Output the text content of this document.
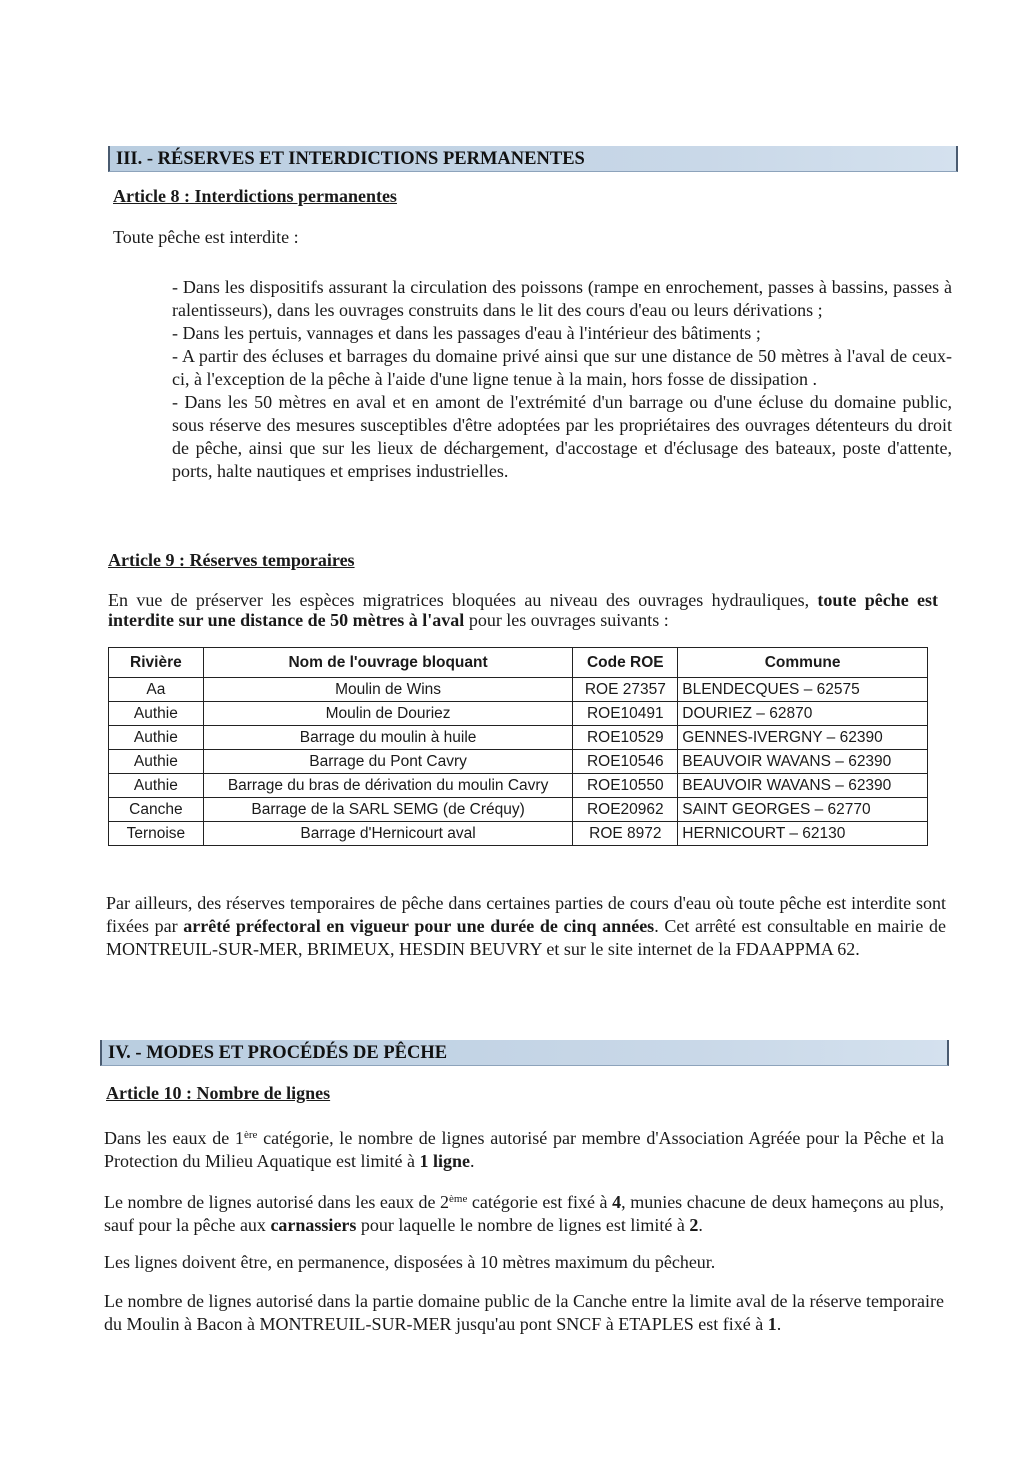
III. - RÉSERVES ET INTERDICTIONS PERMANENTES
Article 8 : Interdictions permanentes
Toute pêche est interdite :

- Dans les dispositifs assurant la circulation des poissons (rampe en enrochement, passes à bassins, passes à ralentisseurs), dans les ouvrages construits dans le lit des cours d'eau ou leurs dérivations ;

- Dans les pertuis, vannages et dans les passages d'eau à l'intérieur des bâtiments ;

- A partir des écluses et barrages du domaine privé ainsi que sur une distance de 50 mètres à l'aval de ceux-ci, à l'exception de la pêche à l'aide d'une ligne tenue à la main, hors fosse de dissipation .

- Dans les 50 mètres en aval et en amont de l'extrémité d'un barrage ou d'une écluse du domaine public, sous réserve des mesures susceptibles d'être adoptées par les propriétaires des ouvrages détenteurs du droit de pêche, ainsi que sur les lieux de déchargement, d'accostage et d'éclusage des bateaux, poste d'attente, ports, halte nautiques et emprises industrielles.

Article 9 : Réserves temporaires
En vue de préserver les espèces migratrices bloquées au niveau des ouvrages hydrauliques, toute pêche est interdite sur une distance de 50 mètres à l'aval pour les ouvrages suivants :
Rivière	Nom de l'ouvrage bloquant	Code ROE	Commune
Aa	Moulin de Wins	ROE 27357	BLENDECQUES – 62575
Authie	Moulin de Douriez	ROE10491	DOURIEZ – 62870
Authie	Barrage du moulin à huile	ROE10529	GENNES-IVERGNY – 62390
Authie	Barrage du Pont Cavry	ROE10546	BEAUVOIR WAVANS – 62390
Authie	Barrage du bras de dérivation du moulin Cavry	ROE10550	BEAUVOIR WAVANS – 62390
Canche	Barrage de la SARL SEMG (de Créquy)	ROE20962	SAINT GEORGES – 62770
Ternoise	Barrage d'Hernicourt aval	ROE 8972	HERNICOURT – 62130
Par ailleurs, des réserves temporaires de pêche dans certaines parties de cours d'eau où toute pêche est interdite sont fixées par arrêté préfectoral en vigueur pour une durée de cinq années. Cet arrêté est consultable en mairie de MONTREUIL-SUR-MER, BRIMEUX, HESDIN BEUVRY et sur le site internet de la FDAAPPMA 62.
IV. - MODES ET PROCÉDÉS DE PÊCHE
Article 10 : Nombre de lignes
Dans les eaux de 1ère catégorie, le nombre de lignes autorisé par membre d'Association Agréée pour la Pêche et la Protection du Milieu Aquatique est limité à 1 ligne.
Le nombre de lignes autorisé dans les eaux de 2ème catégorie est fixé à 4, munies chacune de deux hameçons au plus, sauf pour la pêche aux carnassiers pour laquelle le nombre de lignes est limité à 2.
Les lignes doivent être, en permanence, disposées à 10 mètres maximum du pêcheur.
Le nombre de lignes autorisé dans la partie domaine public de la Canche entre la limite aval de la réserve temporaire du Moulin à Bacon à MONTREUIL-SUR-MER jusqu'au pont SNCF à ETAPLES est fixé à 1.
